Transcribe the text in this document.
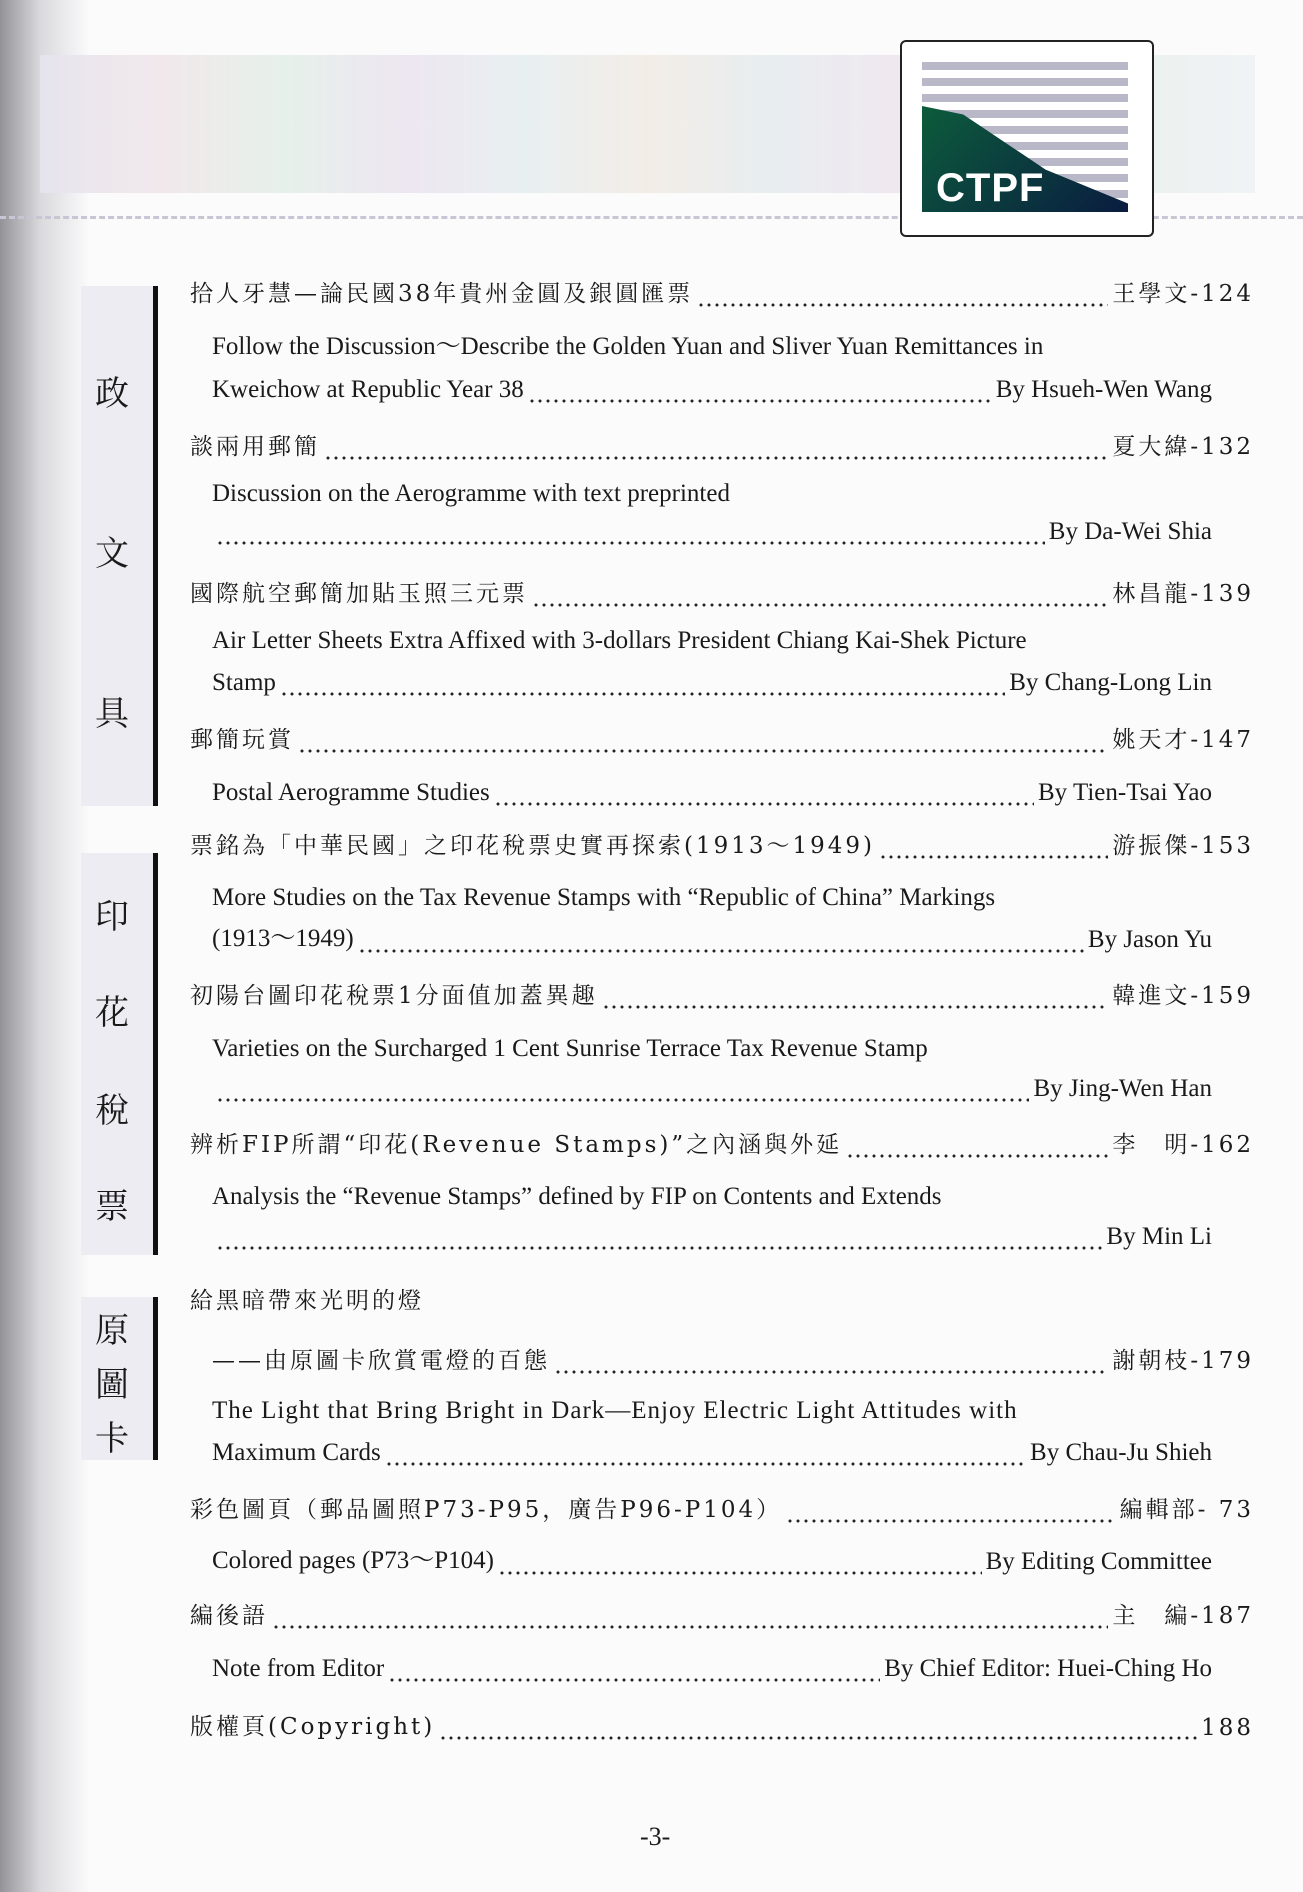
CTPF
政
文
具
印
花
稅
票
原
圖
卡
拾人牙慧—論民國38年貴州金圓及銀圓匯票	王學文-124
Follow the Discussion～Describe the Golden Yuan and Sliver Yuan Remittances in
Kweichow at Republic Year 38	By Hsueh-Wen Wang
談兩用郵簡	夏大緯-132
Discussion on the Aerogramme with text preprinted
By Da-Wei Shia
國際航空郵簡加貼玉照三元票	林昌龍-139
Air Letter Sheets Extra Affixed with 3-dollars President Chiang Kai-Shek Picture
Stamp	By Chang-Long Lin
郵簡玩賞	姚天才-147
Postal Aerogramme Studies	By Tien-Tsai Yao
票銘為「中華民國」之印花稅票史實再探索(1913～1949)	游振傑-153
More Studies on the Tax Revenue Stamps with “Republic of China” Markings
(1913～1949)	By Jason Yu
初陽台圖印花稅票1分面值加蓋異趣	韓進文-159
Varieties on the Surcharged 1 Cent Sunrise Terrace Tax Revenue Stamp
By Jing-Wen Han
辨析FIP所謂“印花(Revenue Stamps)”之內涵與外延	李　明-162
Analysis the “Revenue Stamps” defined by FIP on Contents and Extends
By Min Li
給黑暗帶來光明的燈
——由原圖卡欣賞電燈的百態	謝朝枝-179
The Light that Bring Bright in Dark—Enjoy Electric Light Attitudes with
Maximum Cards	By Chau-Ju Shieh
彩色圖頁（郵品圖照P73-P95，廣告P96-P104）	編輯部- 73
Colored pages (P73～P104)	By Editing Committee
編後語	主　編-187
Note from Editor	By Chief Editor: Huei-Ching Ho
版權頁(Copyright)	188
-3-
